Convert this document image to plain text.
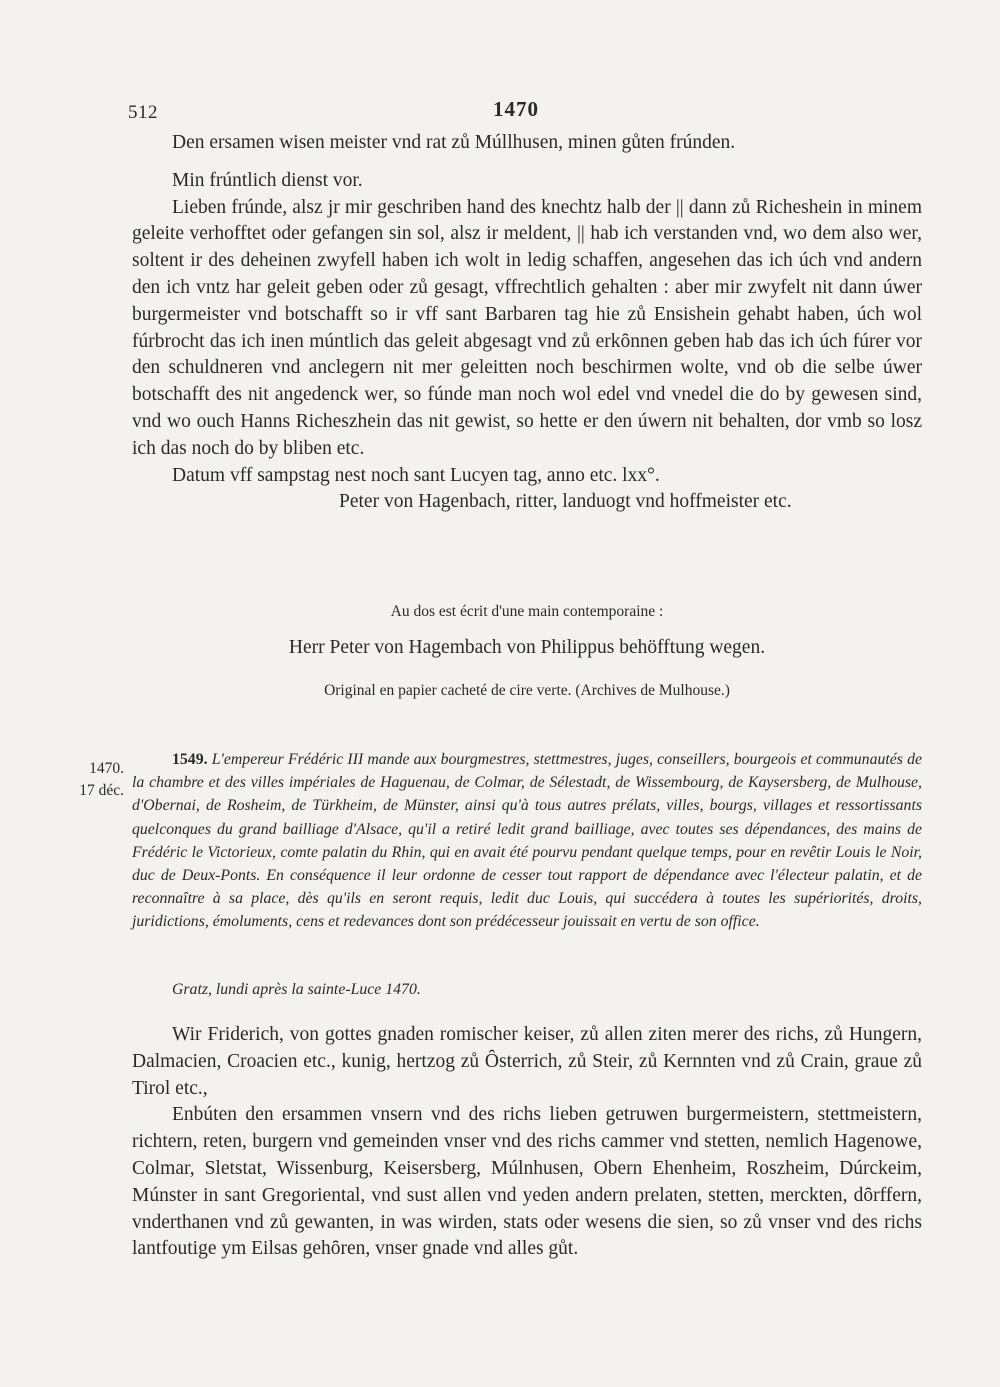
512	1470

Den ersamen wisen meister vnd rat zů Múllhusen, minen gůten frúnden.

Min frúntlich dienst vor.

Lieben frúnde, alsz jr mir geschriben hand des knechtz halb der || dann zů Richeshein in minem geleite verhofftet oder gefangen sin sol, alsz ir meldent, || hab ich verstanden vnd, wo dem also wer, soltent ir des deheinen zwyfell haben ich wolt in ledig schaffen, angesehen das ich úch vnd andern den ich vntz har geleit geben oder zů gesagt, vffrechtlich gehalten : aber mir zwyfelt nit dann úwer burgermeister vnd botschafft so ir vff sant Barbaren tag hie zů Ensishein gehabt haben, úch wol fúrbrocht das ich inen múntlich das geleit abgesagt vnd zů erkȏnnen geben hab das ich úch fúrer vor den schuldneren vnd anclegern nit mer geleitten noch beschirmen wolte, vnd ob die selbe úwer botschafft des nit angedenck wer, so fúnde man noch wol edel vnd vnedel die do by gewesen sind, vnd wo ouch Hanns Richeszhein das nit gewist, so hette er den úwern nit behalten, dor vmb so losz ich das noch do by bliben etc.

Datum vff sampstag nest noch sant Lucyen tag, anno etc. lxx°.

Peter von Hagenbach, ritter, landuogt vnd hoffmeister etc.

Au dos est écrit d'une main contemporaine :
Herr Peter von Hagembach von Philippus behöfftung wegen.
Original en papier cacheté de cire verte. (Archives de Mulhouse.)
1470.
17 déc.
1549. L'empereur Frédéric III mande aux bourgmestres, stettmestres, juges, conseillers, bourgeois et communautés de la chambre et des villes impériales de Haguenau, de Colmar, de Sélestadt, de Wissembourg, de Kaysersberg, de Mulhouse, d'Obernai, de Rosheim, de Türkheim, de Münster, ainsi qu'à tous autres prélats, villes, bourgs, villages et ressortissants quelconques du grand bailliage d'Alsace, qu'il a retiré ledit grand bailliage, avec toutes ses dépendances, des mains de Frédéric le Victorieux, comte palatin du Rhin, qui en avait été pourvu pendant quelque temps, pour en revêtir Louis le Noir, duc de Deux-Ponts. En conséquence il leur ordonne de cesser tout rapport de dépendance avec l'électeur palatin, et de reconnaître à sa place, dès qu'ils en seront requis, ledit duc Louis, qui succédera à toutes les supériorités, droits, juridictions, émoluments, cens et redevances dont son prédécesseur jouissait en vertu de son office.
Gratz, lundi après la sainte-Luce 1470.

Wir Friderich, von gottes gnaden romischer keiser, zů allen ziten merer des richs, zů Hungern, Dalmacien, Croacien etc., kunig, hertzog zů Ȏsterrich, zů Steir, zů Kernnten vnd zů Crain, graue zů Tirol etc.,

Enbúten den ersammen vnsern vnd des richs lieben getruwen burgermeistern, stettmeistern, richtern, reten, burgern vnd gemeinden vnser vnd des richs cammer vnd stetten, nemlich Hagenowe, Colmar, Sletstat, Wissenburg, Keisersberg, Múlnhusen, Obern Ehenheim, Roszheim, Dúrckeim, Múnster in sant Gregoriental, vnd sust allen vnd yeden andern prelaten, stetten, merckten, dȏrffern, vnderthanen vnd zů gewanten, in was wirden, stats oder wesens die sien, so zů vnser vnd des richs lantfoutige ym Eilsas gehȏren, vnser gnade vnd alles gůt.
